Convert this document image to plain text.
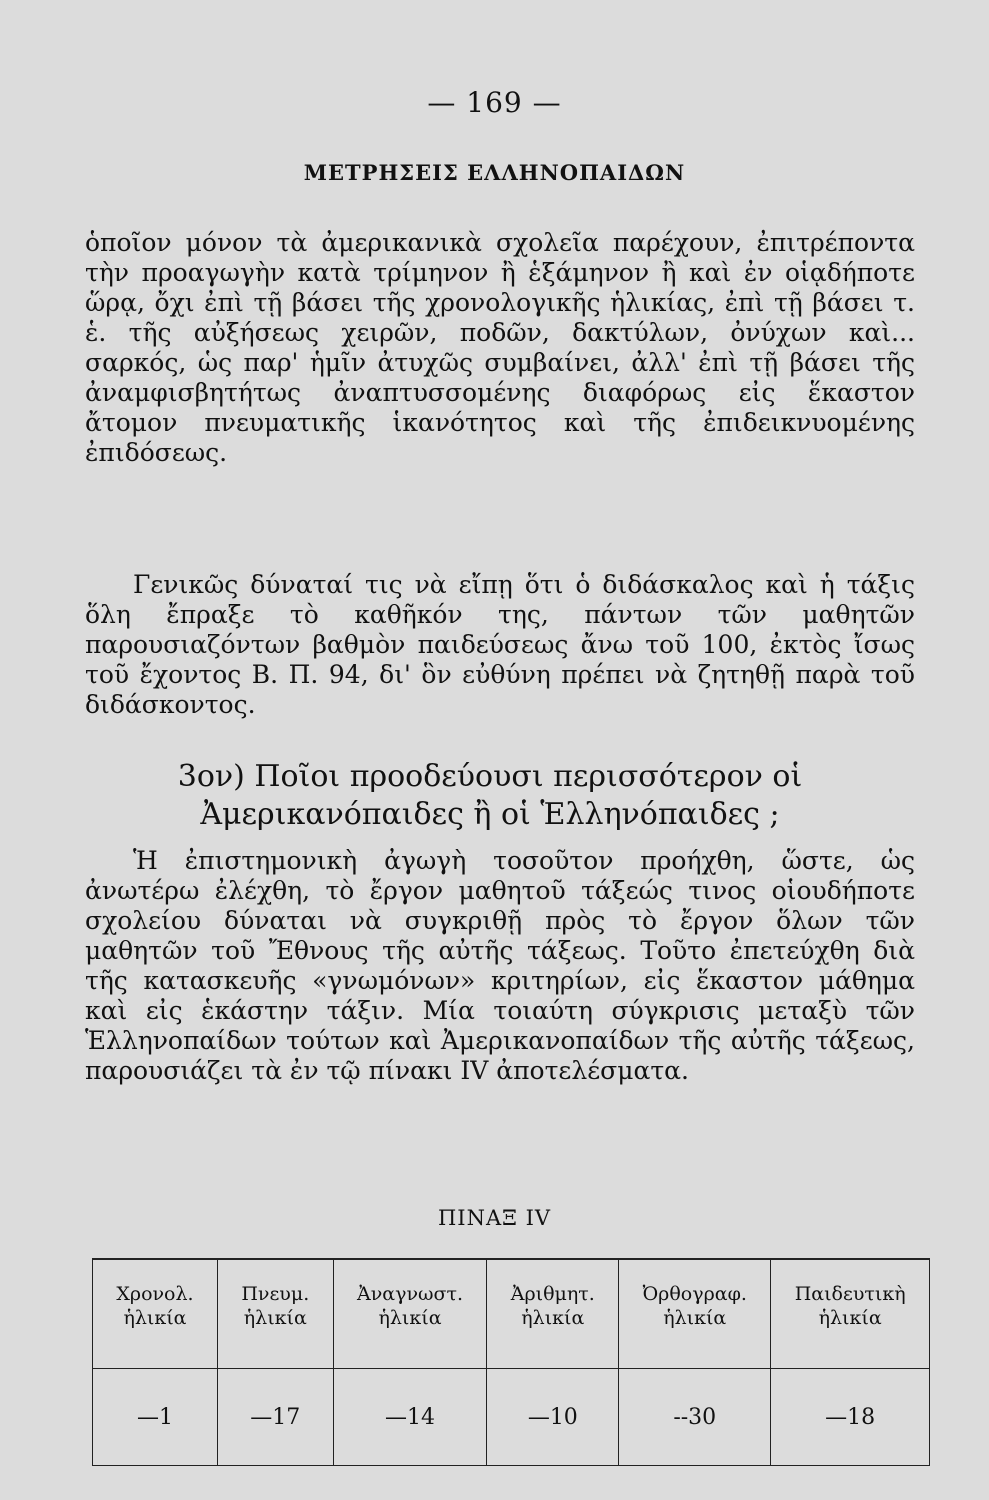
— 169 —
ΜΕΤΡΗΣΕΙΣ ΕΛΛΗΝΟΠΑΙΔΩΝ

ὁποῖον μόνον τὰ ἀμερικανικὰ σχολεῖα παρέχουν, ἐπιτρέποντα τὴν προαγωγὴν κατὰ τρίμηνον ἢ ἑξάμηνον ἢ καὶ ἐν οἱᾳδήποτε ὥρᾳ, ὄχι ἐπὶ τῇ βάσει τῆς χρονολογικῆς ἡλικίας, ἐπὶ τῇ βάσει τ. ἑ. τῆς αὐξήσεως χειρῶν, ποδῶν, δακτύλων, ὀνύχων καὶ... σαρκός, ὡς παρ' ἡμῖν ἀτυχῶς συμβαίνει, ἀλλ' ἐπὶ τῇ βάσει τῆς ἀναμφισβητήτως ἀναπτυσσομένης διαφόρως εἰς ἕκαστον ἄτομον πνευματικῆς ἱκανότητος καὶ τῆς ἐπιδεικνυομένης ἐπιδόσεως.

Γενικῶς δύναταί τις νὰ εἴπῃ ὅτι ὁ διδάσκαλος καὶ ἡ τάξις ὅλη ἔπραξε τὸ καθῆκόν της, πάντων τῶν μαθητῶν παρουσιαζόντων βαθμὸν παιδεύσεως ἄνω τοῦ 100, ἐκτὸς ἴσως τοῦ ἔχοντος Β. Π. 94, δι' ὃν εὐθύνη πρέπει νὰ ζητηθῇ παρὰ τοῦ διδάσκοντος.

3ον) Ποῖοι προοδεύουσι περισσότερον οἱ Ἀμερικανόπαιδες ἢ οἱ Ἑλληνόπαιδες ;

Ἡ ἐπιστημονικὴ ἀγωγὴ τοσοῦτον προήχθη, ὥστε, ὡς ἀνωτέρω ἐλέχθη, τὸ ἔργον μαθητοῦ τάξεώς τινος οἱουδήποτε σχολείου δύναται νὰ συγκριθῇ πρὸς τὸ ἔργον ὅλων τῶν μαθητῶν τοῦ Ἔθνους τῆς αὐτῆς τάξεως. Τοῦτο ἐπετεύχθη διὰ τῆς κατασκευῆς «γνωμόνων» κριτηρίων, εἰς ἕκαστον μάθημα καὶ εἰς ἑκάστην τάξιν. Μία τοιαύτη σύγκρισις μεταξὺ τῶν Ἑλληνοπαίδων τούτων καὶ Ἀμερικανοπαίδων τῆς αὐτῆς τάξεως, παρουσιάζει τὰ ἐν τῷ πίνακι IV ἀποτελέσματα.

ΠΙΝΑΞ IV
Χρονολ. ἡλικία	Πνευμ. ἡλικία	Ἀναγνωστ. ἡλικία	Ἀριθμητ. ἡλικία	Ὀρθογραφ. ἡλικία	Παιδευτικὴ ἡλικία
—1	—17	—14	—10	--30	—18
